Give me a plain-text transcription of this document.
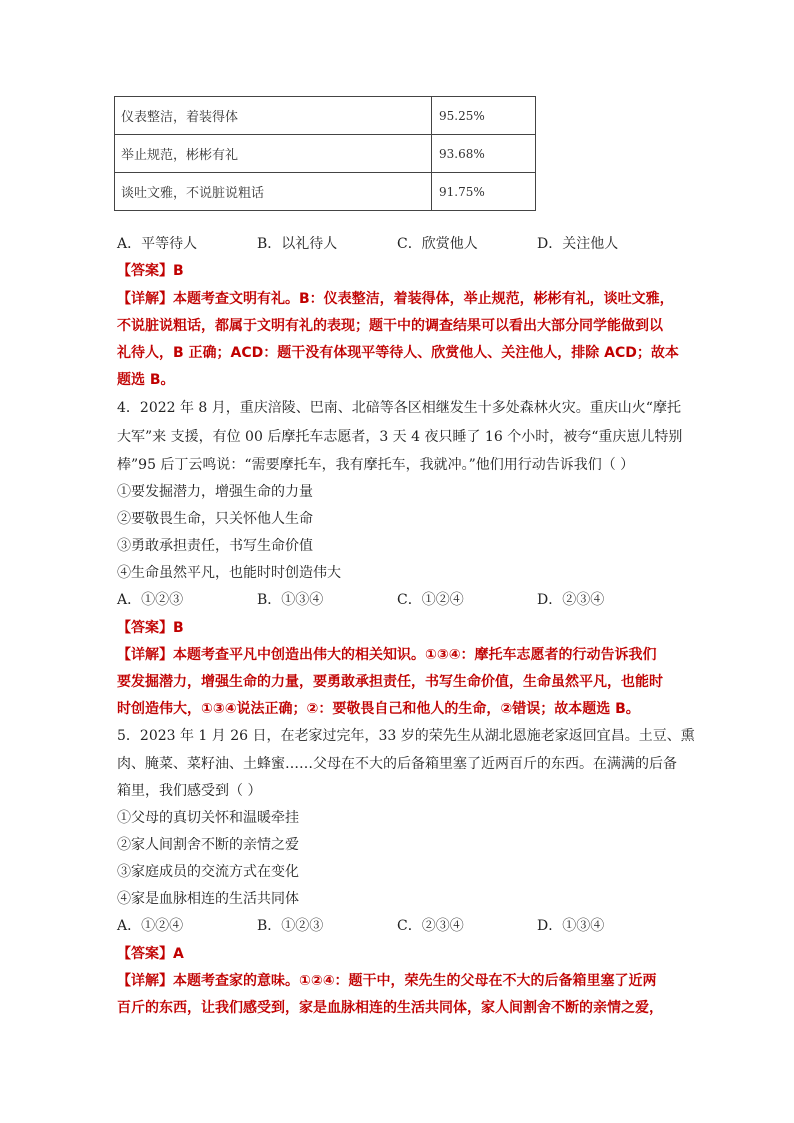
仪表整洁，着装得体	95.25%
举止规范，彬彬有礼	93.68%
谈吐文雅，不说脏说粗话	91.75%
A．平等待人	B．以礼待人	C．欣赏他人	D．关注他人
【答案】B
【详解】本题考查文明有礼。B：仪表整洁，着装得体，举止规范，彬彬有礼，谈吐文雅，
不说脏说粗话，都属于文明有礼的表现；题干中的调查结果可以看出大部分同学能做到以
礼待人，B 正确；ACD：题干没有体现平等待人、欣赏他人、关注他人，排除 ACD；故本
题选 B。
4．2022 年 8 月，重庆涪陵、巴南、北碚等各区相继发生十多处森林火灾。重庆山火“摩托
大军”来 支援，有位 00 后摩托车志愿者，3 天 4 夜只睡了 16 个小时，被夸“重庆崽儿特别
棒”95 后丁云鸣说：“需要摩托车，我有摩托车，我就冲。”他们用行动告诉我们（ ）
①要发掘潜力，增强生命的力量
②要敬畏生命，只关怀他人生命
③勇敢承担责任，书写生命价值
④生命虽然平凡，也能时时创造伟大
A．①②③	B．①③④	C．①②④	D．②③④
【答案】B
【详解】本题考查平凡中创造出伟大的相关知识。①③④：摩托车志愿者的行动告诉我们
要发掘潜力，增强生命的力量，要勇敢承担责任，书写生命价值，生命虽然平凡，也能时
时创造伟大，①③④说法正确；②：要敬畏自己和他人的生命，②错误；故本题选 B。
5．2023 年 1 月 26 日，在老家过完年，33 岁的荣先生从湖北恩施老家返回宜昌。土豆、熏
肉、腌菜、菜籽油、土蜂蜜……父母在不大的后备箱里塞了近两百斤的东西。在满满的后备
箱里，我们感受到（ ）
①父母的真切关怀和温暖牵挂
②家人间割舍不断的亲情之爱
③家庭成员的交流方式在变化
④家是血脉相连的生活共同体
A．①②④	B．①②③	C．②③④	D．①③④
【答案】A
【详解】本题考查家的意味。①②④：题干中，荣先生的父母在不大的后备箱里塞了近两
百斤的东西，让我们感受到，家是血脉相连的生活共同体，家人间割舍不断的亲情之爱，
